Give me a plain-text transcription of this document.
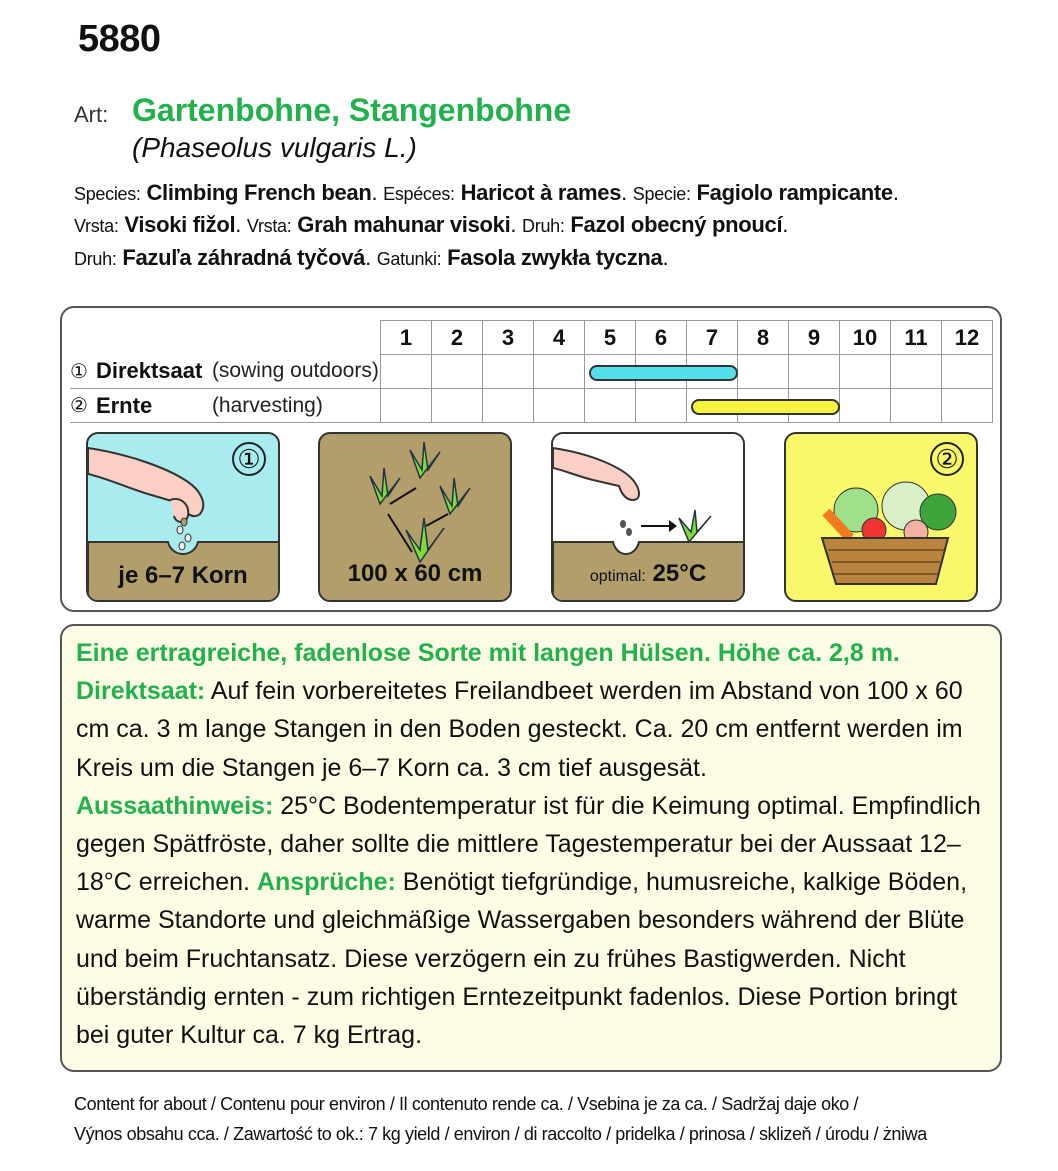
5880
Art: Gartenbohne, Stangenbohne
(Phaseolus vulgaris L.)
Species: Climbing French bean. Espéces: Haricot à rames. Specie: Fagiolo rampicante.
Vrsta: Visoki fižol. Vrsta: Grah mahunar visoki. Druh: Fazol obecný pnoucí.
Druh: Fazuľa záhradná tyčová. Gatunki: Fasola zwykła tyczna.
	1	2	3	4	5	6	7	8	9	10	11	12

① Direktsaat (sowing outdoors)												

② Ernte (harvesting)												

①
je 6–7 Korn	100 x 60 cm	optimal: 25°C
②
Eine ertragreiche, fadenlose Sorte mit langen Hülsen. Höhe ca. 2,8 m.
Direktsaat: Auf fein vorbereitetes Freilandbeet werden im Abstand von 100 x 60 cm ca. 3 m lange Stangen in den Boden gesteckt. Ca. 20 cm entfernt werden im Kreis um die Stangen je 6–7 Korn ca. 3 cm tief ausgesät.
Aussaathinweis: 25°C Bodentemperatur ist für die Keimung optimal. Empfindlich gegen Spätfröste, daher sollte die mittlere Tagestemperatur bei der Aussaat 12–18°C erreichen. Ansprüche: Benötigt tiefgründige, humusreiche, kalkige Böden, warme Standorte und gleichmäßige Wassergaben besonders während der Blüte und beim Fruchtansatz. Diese verzögern ein zu frühes Bastigwerden. Nicht überständig ernten - zum richtigen Erntezeitpunkt fadenlos. Diese Portion bringt bei guter Kultur ca. 7 kg Ertrag.
Content for about / Contenu pour environ / Il contenuto rende ca. / Vsebina je za ca. / Sadržaj daje oko /
Výnos obsahu cca. / Zawartość to ok.: 7 kg yield / environ / di raccolto / pridelka / prinosa / sklizeň / úrodu / żniwa
